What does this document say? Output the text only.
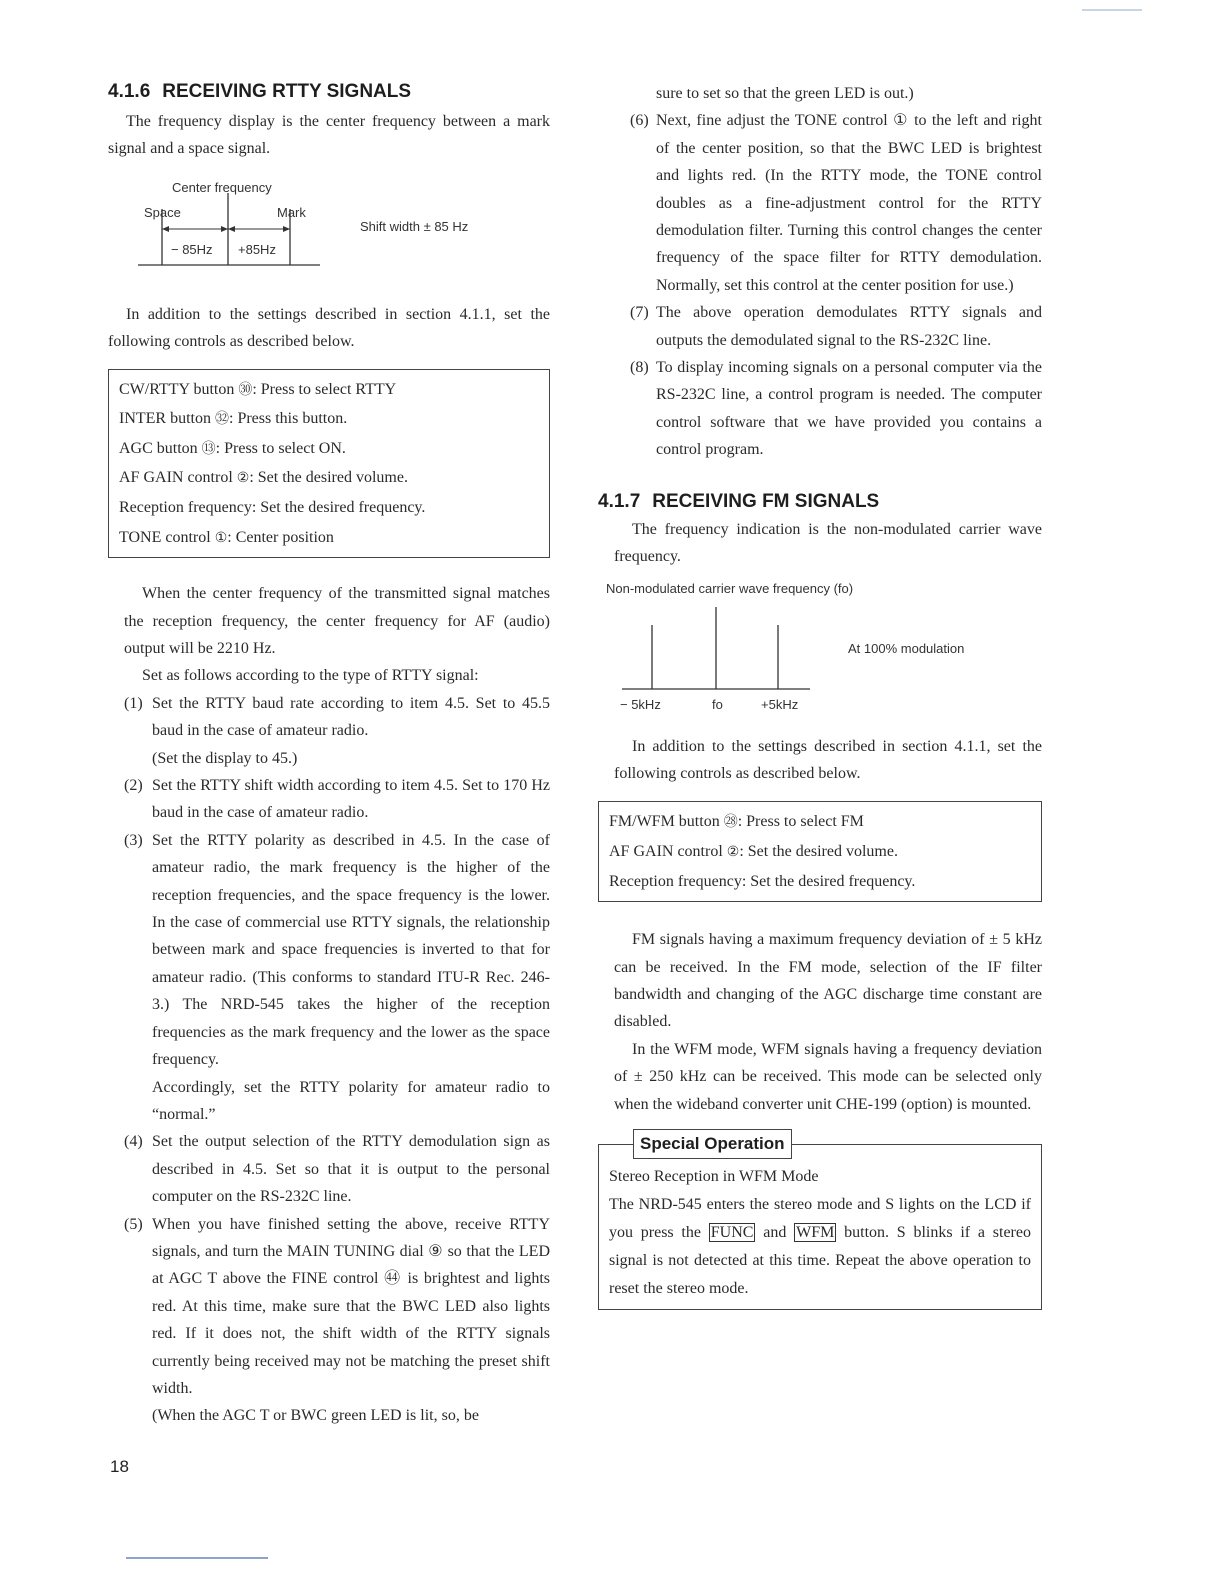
4.1.6 RECEIVING RTTY SIGNALS

The frequency display is the center frequency between a mark signal and a space signal.

Center frequency
Space	Mark
− 85Hz +85Hz
Shift width ± 85 Hz

In addition to the settings described in section 4.1.1, set the following controls as described below.

CW/RTTY button ㉚: Press to select RTTY
INTER button ㉜: Press this button.
AGC button ⑬: Press to select ON.
AF GAIN control ②: Set the desired volume.
Reception frequency: Set the desired frequency.
TONE control ①: Center position

When the center frequency of the transmitted signal matches the reception frequency, the center frequency for AF (audio) output will be 2210 Hz.

Set as follows according to the type of RTTY signal:

(1) Set the RTTY baud rate according to item 4.5. Set to 45.5 baud in the case of amateur radio.
(Set the display to 45.)
(2) Set the RTTY shift width according to item 4.5. Set to 170 Hz baud in the case of amateur radio.
(3) Set the RTTY polarity as described in 4.5. In the case of amateur radio, the mark frequency is the higher of the reception frequencies, and the space frequency is the lower. In the case of commercial use RTTY signals, the relationship between mark and space frequencies is inverted to that for amateur radio. (This conforms to standard ITU-R Rec. 246-3.) The NRD-545 takes the higher of the reception frequencies as the mark frequency and the lower as the space frequency.
Accordingly, set the RTTY polarity for amateur radio to “normal.”
(4) Set the output selection of the RTTY demodulation sign as described in 4.5. Set so that it is output to the personal computer on the RS-232C line.
(5) When you have finished setting the above, receive RTTY signals, and turn the MAIN TUNING dial ⑨ so that the LED at AGC T above the FINE control ㊹ is brightest and lights red. At this time, make sure that the BWC LED also lights red. If it does not, the shift width of the RTTY signals currently being received may not be matching the preset shift width.
(When the AGC T or BWC green LED is lit, so, be

sure to set so that the green LED is out.)

(6) Next, fine adjust the TONE control ① to the left and right of the center position, so that the BWC LED is brightest and lights red. (In the RTTY mode, the TONE control doubles as a fine-adjustment control for the RTTY demodulation filter. Turning this control changes the center frequency of the space filter for RTTY demodulation. Normally, set this control at the center position for use.)
(7) The above operation demodulates RTTY signals and outputs the demodulated signal to the RS-232C line.
(8) To display incoming signals on a personal computer via the RS-232C line, a control program is needed. The computer control software that we have provided you contains a control program.
4.1.7 RECEIVING FM SIGNALS

The frequency indication is the non-modulated carrier wave frequency.

Non-modulated carrier wave frequency (fo)
− 5kHz	fo	+5kHz
At 100% modulation

In addition to the settings described in section 4.1.1, set the following controls as described below.

FM/WFM button ㉘: Press to select FM
AF GAIN control ②: Set the desired volume.
Reception frequency: Set the desired frequency.

FM signals having a maximum frequency deviation of ± 5 kHz can be received. In the FM mode, selection of the IF filter bandwidth and changing of the AGC discharge time constant are disabled.

In the WFM mode, WFM signals having a frequency deviation of ± 250 kHz can be received. This mode can be selected only when the wideband converter unit CHE-199 (option) is mounted.

Special Operation
Stereo Reception in WFM Mode
The NRD-545 enters the stereo mode and S lights on the LCD if you press the FUNC and WFM button. S blinks if a stereo signal is not detected at this time. Repeat the above operation to reset the stereo mode.
18
